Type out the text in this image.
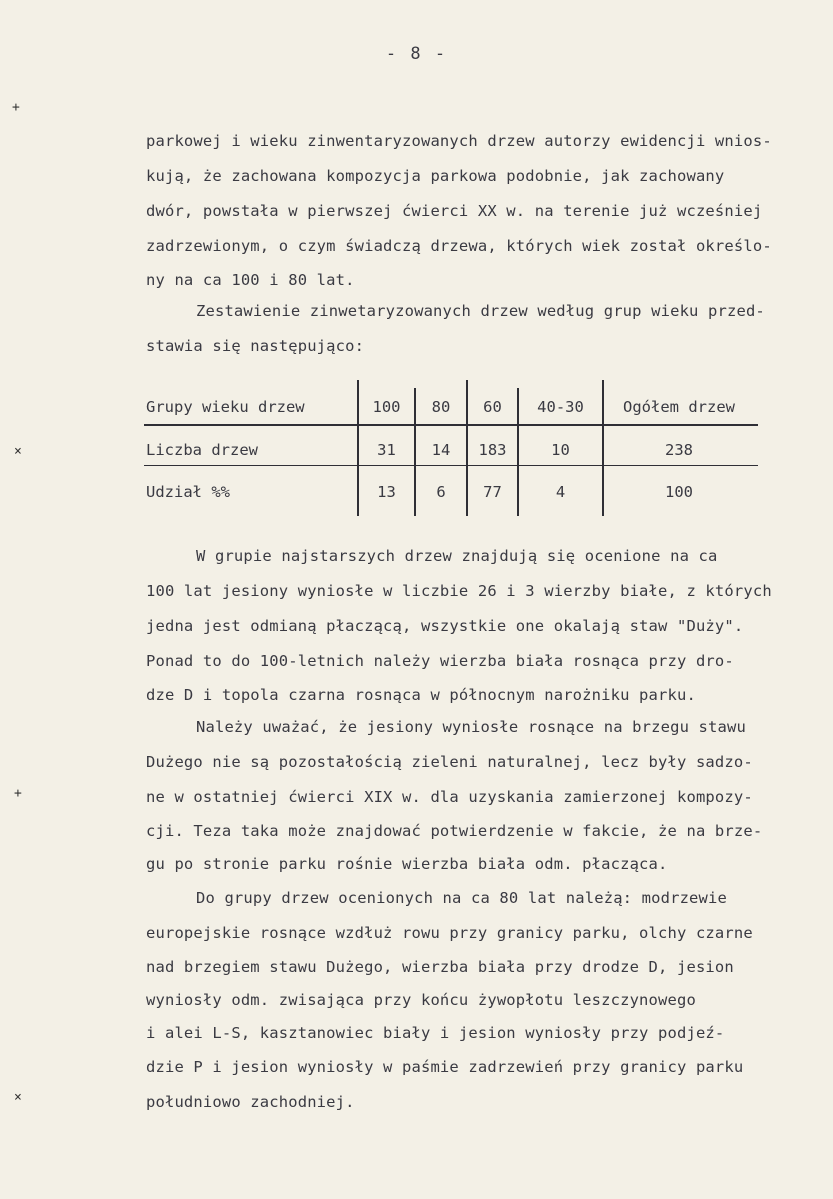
- 8 -
+
×
+
×
parkowej i wieku zinwentaryzowanych drzew autorzy ewidencji wnios-
kują, że zachowana kompozycja parkowa podobnie, jak zachowany
dwór, powstała w pierwszej ćwierci XX w. na terenie już wcześniej
zadrzewionym, o czym świadczą drzewa, których wiek został określo-
ny na ca 100 i 80 lat.
Zestawienie zinwetaryzowanych drzew według grup wieku przed-
stawia się następująco:
Grupy wieku drzew	100	80	60	40-30	Ogółem drzew
Liczba drzew	31	14	183	10	238
Udział %%	13	6	77	4	100
W grupie najstarszych drzew znajdują się ocenione na ca
100 lat jesiony wyniosłe w liczbie 26 i 3 wierzby białe, z których
jedna jest odmianą płaczącą, wszystkie one okalają staw "Duży".
Ponad to do 100-letnich należy wierzba biała rosnąca przy dro-
dze D i topola czarna rosnąca w północnym narożniku parku.
Należy uważać, że jesiony wyniosłe rosnące na brzegu stawu
Dużego nie są pozostałością zieleni naturalnej, lecz były sadzo-
ne w ostatniej ćwierci XIX w. dla uzyskania zamierzonej kompozy-
cji. Teza taka może znajdować potwierdzenie w fakcie, że na brze-
gu po stronie parku rośnie wierzba biała odm. płacząca.
Do grupy drzew ocenionych na ca 80 lat należą: modrzewie
europejskie rosnące wzdłuż rowu przy granicy parku, olchy czarne
nad brzegiem stawu Dużego, wierzba biała przy drodze D, jesion
wyniosły odm. zwisająca przy końcu żywopłotu leszczynowego
i alei L-S, kasztanowiec biały i jesion wyniosły przy podjeź-
dzie P i jesion wyniosły w paśmie zadrzewień przy granicy parku
południowo zachodniej.
